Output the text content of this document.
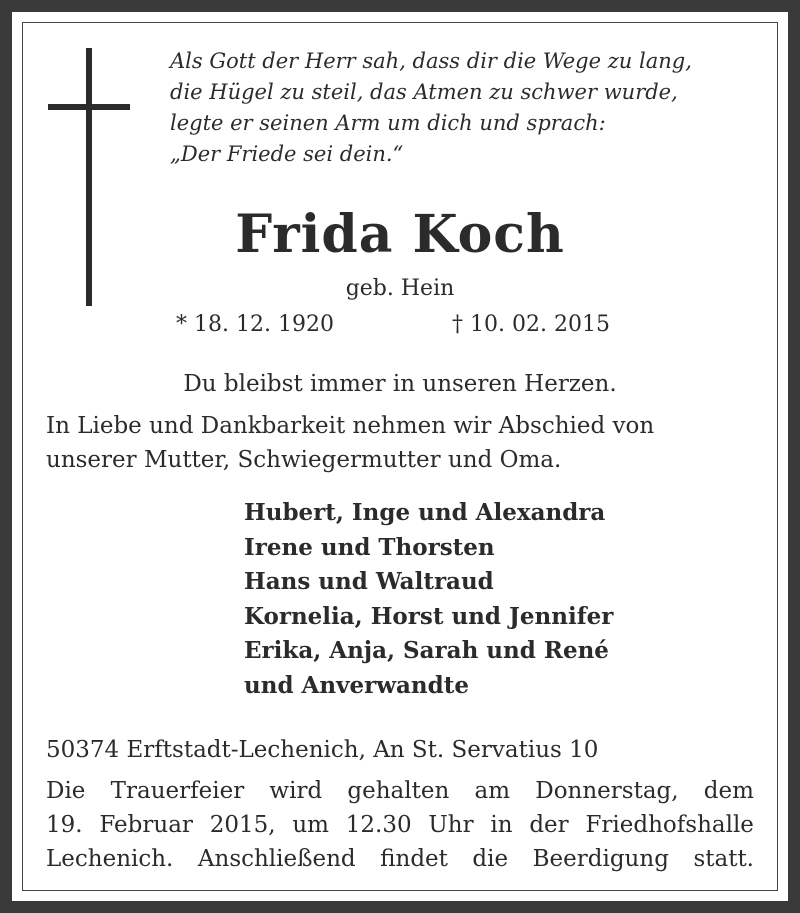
Als Gott der Herr sah, dass dir die Wege zu lang,
die Hügel zu steil, das Atmen zu schwer wurde,
legte er seinen Arm um dich und sprach:
„Der Friede sei dein.“
Frida Koch
geb. Hein
* 18. 12. 1920	† 10. 02. 2015
Du bleibst immer in unseren Herzen.
In Liebe und Dankbarkeit nehmen wir Abschied von
unserer Mutter, Schwiegermutter und Oma.
Hubert, Inge und Alexandra
Irene und Thorsten
Hans und Waltraud
Kornelia, Horst und Jennifer
Erika, Anja, Sarah und René
und Anverwandte
50374 Erftstadt-Lechenich, An St. Servatius 10
Die Trauerfeier wird gehalten am Donnerstag, dem
19. Februar 2015, um 12.30 Uhr in der Friedhofshalle
Lechenich. Anschließend findet die Beerdigung statt.
